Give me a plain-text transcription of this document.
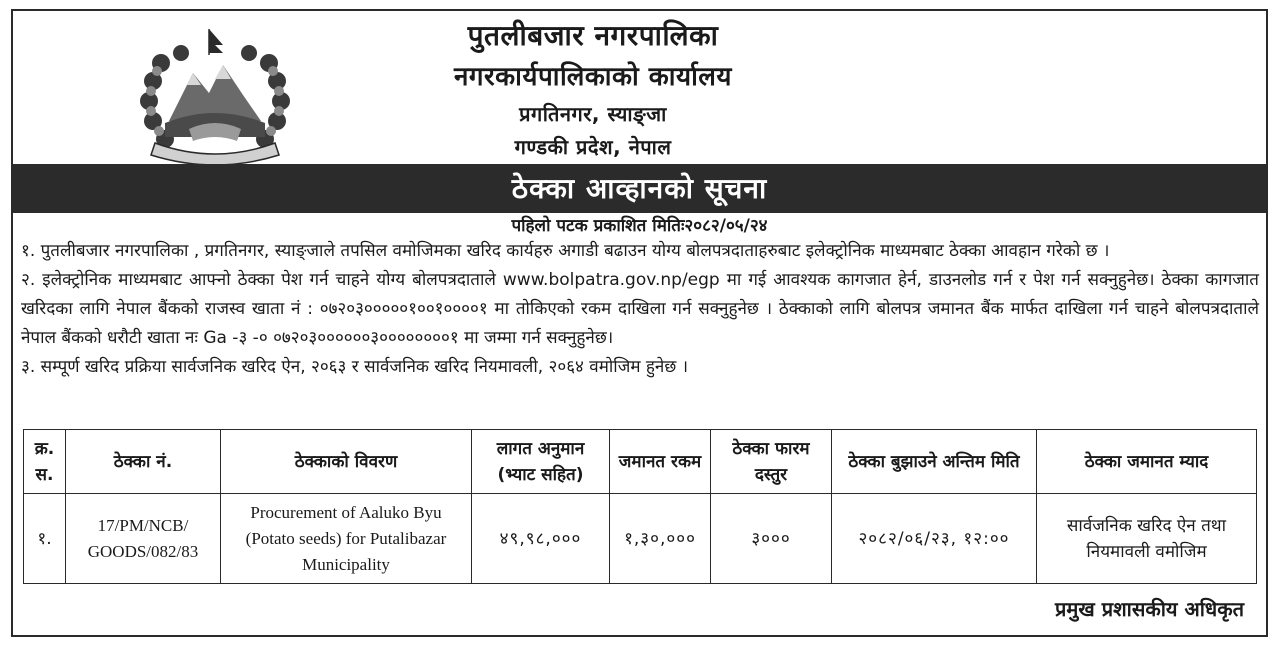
पुतलीबजार नगरपालिका
नगरकार्यपालिकाको कार्यालय
प्रगतिनगर, स्याङ्जा
गण्डकी प्रदेश, नेपाल
ठेक्का आव्हानको सूचना
पहिलो पटक प्रकाशित मितिः२०८२/०५/२४

१. पुतलीबजार नगरपालिका , प्रगतिनगर, स्याङ्जाले तपसिल वमोजिमका खरिद कार्यहरु अगाडी बढाउन योग्य बोलपत्रदाताहरुबाट इलेक्ट्रोनिक माध्यमबाट ठेक्का आवहान गरेको छ ।

२. इलेक्ट्रोनिक माध्यमबाट आफ्नो ठेक्का पेश गर्न चाहने योग्य बोलपत्रदाताले www.bolpatra.gov.np/egp मा गई आवश्यक कागजात हेर्न, डाउनलोड गर्न र पेश गर्न सक्नुहुनेछ। ठेक्का कागजात खरिदका लागि नेपाल बैंकको राजस्व खाता नं : ०७२०३०००००१००१००००१ मा तोकिएको रकम दाखिला गर्न सक्नुहुनेछ । ठेक्काको लागि बोलपत्र जमानत बैंक मार्फत दाखिला गर्न चाहने बोलपत्रदाताले नेपाल बैंकको धरौटी खाता नः Ga -३ -० ०७२०३००००००३००००००००१ मा जम्मा गर्न सक्नुहुनेछ।

३. सम्पूर्ण खरिद प्रक्रिया सार्वजनिक खरिद ऐन, २०६३ र सार्वजनिक खरिद नियमावली, २०६४ वमोजिम हुनेछ ।

क्र. स.	ठेक्का नं.	ठेक्काको विवरण	लागत अनुमान (भ्याट सहित)	जमानत रकम	ठेक्का फारम दस्तुर	ठेक्का बुझाउने अन्तिम मिति	ठेक्का जमानत म्याद
१.	17/PM/NCB/ GOODS/082/83	Procurement of Aaluko Byu (Potato seeds) for Putalibazar Municipality	४९,९८,०००	१,३०,०००	३०००	२०८२/०६/२३, १२:००	सार्वजनिक खरिद ऐन तथा नियमावली वमोजिम
प्रमुख प्रशासकीय अधिकृत
